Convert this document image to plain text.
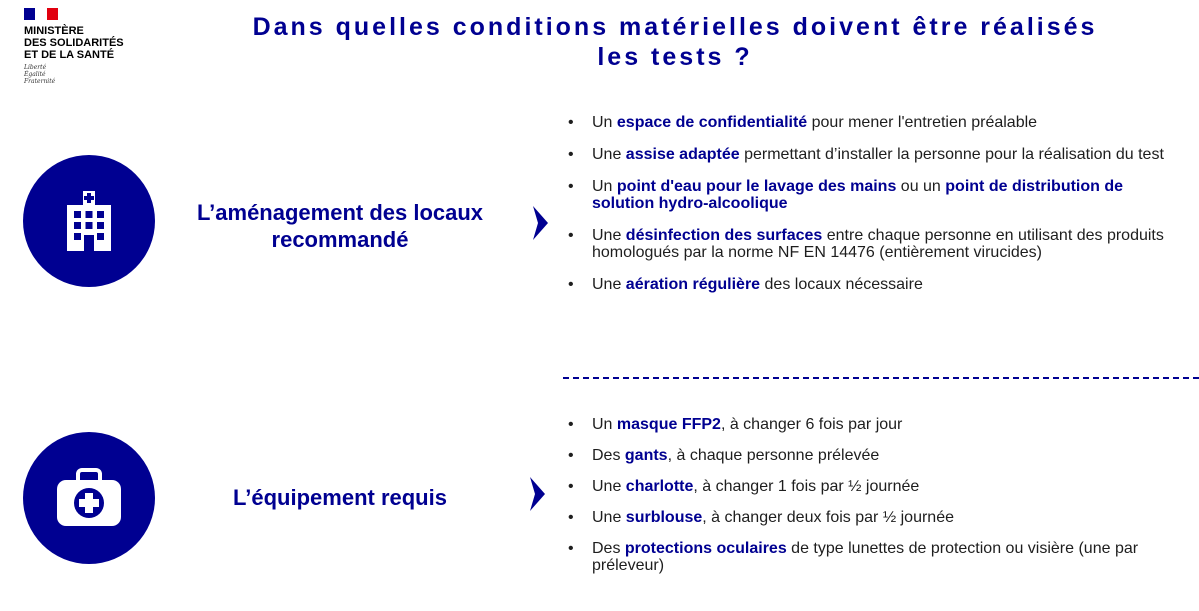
MINISTÈRE
DES SOLIDARITÉS
ET DE LA SANTÉ
Liberté
Égalité
Fraternité
Dans quelles conditions matérielles doivent être réalisés
les tests ?
L’aménagement des locaux
recommandé
• Un espace de confidentialité pour mener l'entretien préalable
• Une assise adaptée permettant d’installer la personne pour la réalisation du test
• Un point d'eau pour le lavage des mains ou un point de distribution de solution hydro-alcoolique
• Une désinfection des surfaces entre chaque personne en utilisant des produits homologués par la norme NF EN 14476 (entièrement virucides)
• Une aération régulière des locaux nécessaire
L’équipement requis
• Un masque FFP2, à changer 6 fois par jour
• Des gants, à chaque personne prélevée
• Une charlotte, à changer 1 fois par ½ journée
• Une surblouse, à changer deux fois par ½ journée
• Des protections oculaires de type lunettes de protection ou visière (une par préleveur)
